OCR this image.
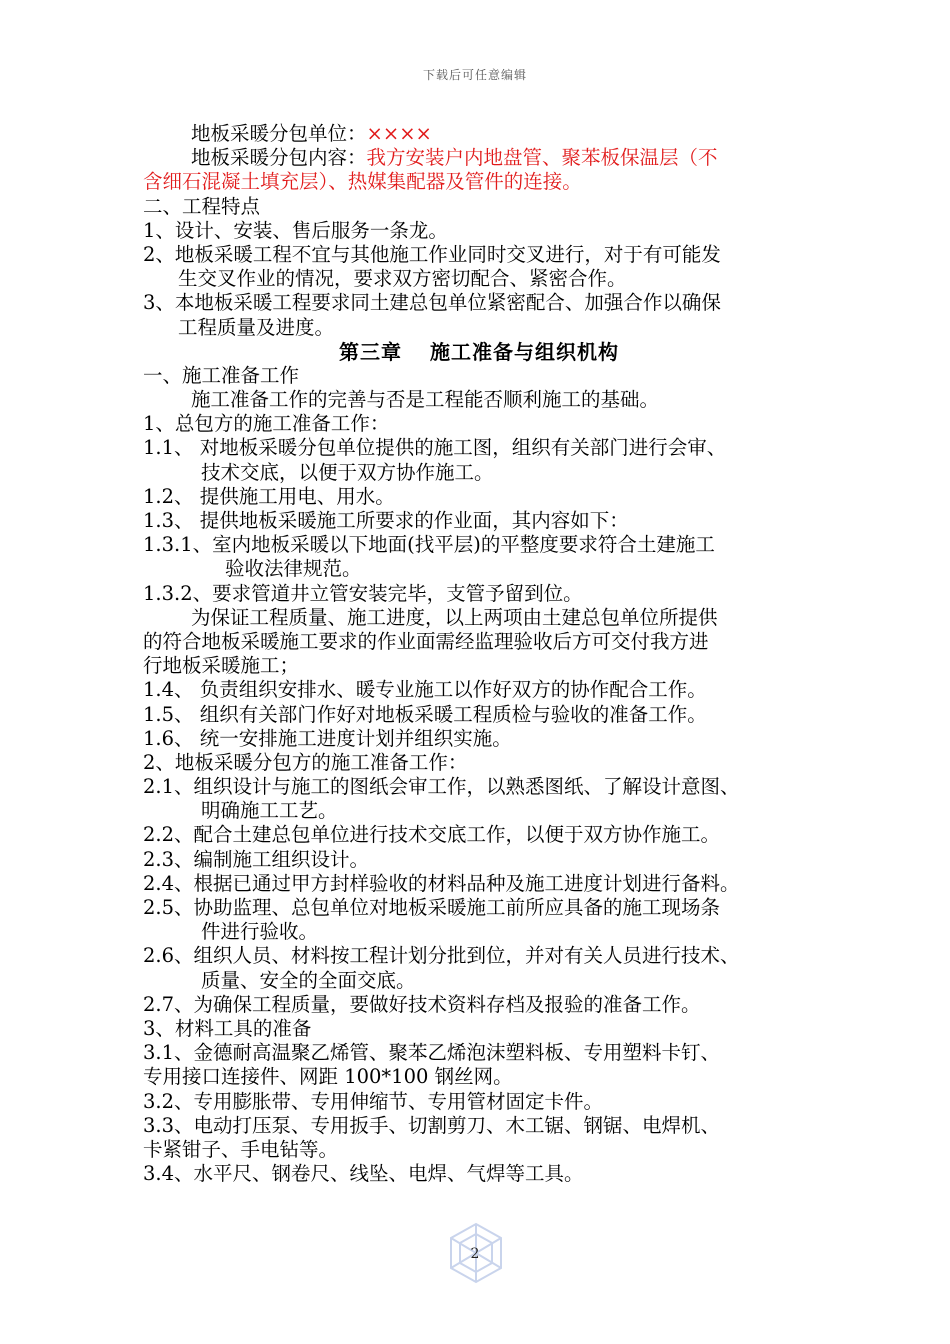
下载后可任意编辑
地板采暖分包单位：××××
地板采暖分包内容：我方安装户内地盘管、聚苯板保温层（不
含细石混凝土填充层）、热媒集配器及管件的连接。
二、工程特点
1、设计、安装、售后服务一条龙。
2、地板采暖工程不宜与其他施工作业同时交叉进行，对于有可能发
生交叉作业的情况，要求双方密切配合、紧密合作。
3、本地板采暖工程要求同土建总包单位紧密配合、加强合作以确保
工程质量及进度。
第三章 施工准备与组织机构
一、施工准备工作
施工准备工作的完善与否是工程能否顺利施工的基础。
1、总包方的施工准备工作：
1.1、 对地板采暖分包单位提供的施工图，组织有关部门进行会审、
技术交底，以便于双方协作施工。
1.2、 提供施工用电、用水。
1.3、 提供地板采暖施工所要求的作业面，其内容如下：
1.3.1、室内地板采暖以下地面(找平层)的平整度要求符合土建施工
验收法律规范。
1.3.2、要求管道井立管安装完毕，支管予留到位。
为保证工程质量、施工进度，以上两项由土建总包单位所提供
的符合地板采暖施工要求的作业面需经监理验收后方可交付我方进
行地板采暖施工；
1.4、 负责组织安排水、暖专业施工以作好双方的协作配合工作。
1.5、 组织有关部门作好对地板采暖工程质检与验收的准备工作。
1.6、 统一安排施工进度计划并组织实施。
2、地板采暖分包方的施工准备工作：
2.1、组织设计与施工的图纸会审工作，以熟悉图纸、了解设计意图、
明确施工工艺。
2.2、配合土建总包单位进行技术交底工作，以便于双方协作施工。
2.3、编制施工组织设计。
2.4、根据已通过甲方封样验收的材料品种及施工进度计划进行备料。
2.5、协助监理、总包单位对地板采暖施工前所应具备的施工现场条
件进行验收。
2.6、组织人员、材料按工程计划分批到位，并对有关人员进行技术、
质量、安全的全面交底。
2.7、为确保工程质量，要做好技术资料存档及报验的准备工作。
3、材料工具的准备
3.1、金德耐高温聚乙烯管、聚苯乙烯泡沫塑料板、专用塑料卡钉、
专用接口连接件、网距 100*100 钢丝网。
3.2、专用膨胀带、专用伸缩节、专用管材固定卡件。
3.3、电动打压泵、专用扳手、切割剪刀、木工锯、钢锯、电焊机、
卡紧钳子、手电钻等。
3.4、水平尺、钢卷尺、线坠、电焊、气焊等工具。
2
